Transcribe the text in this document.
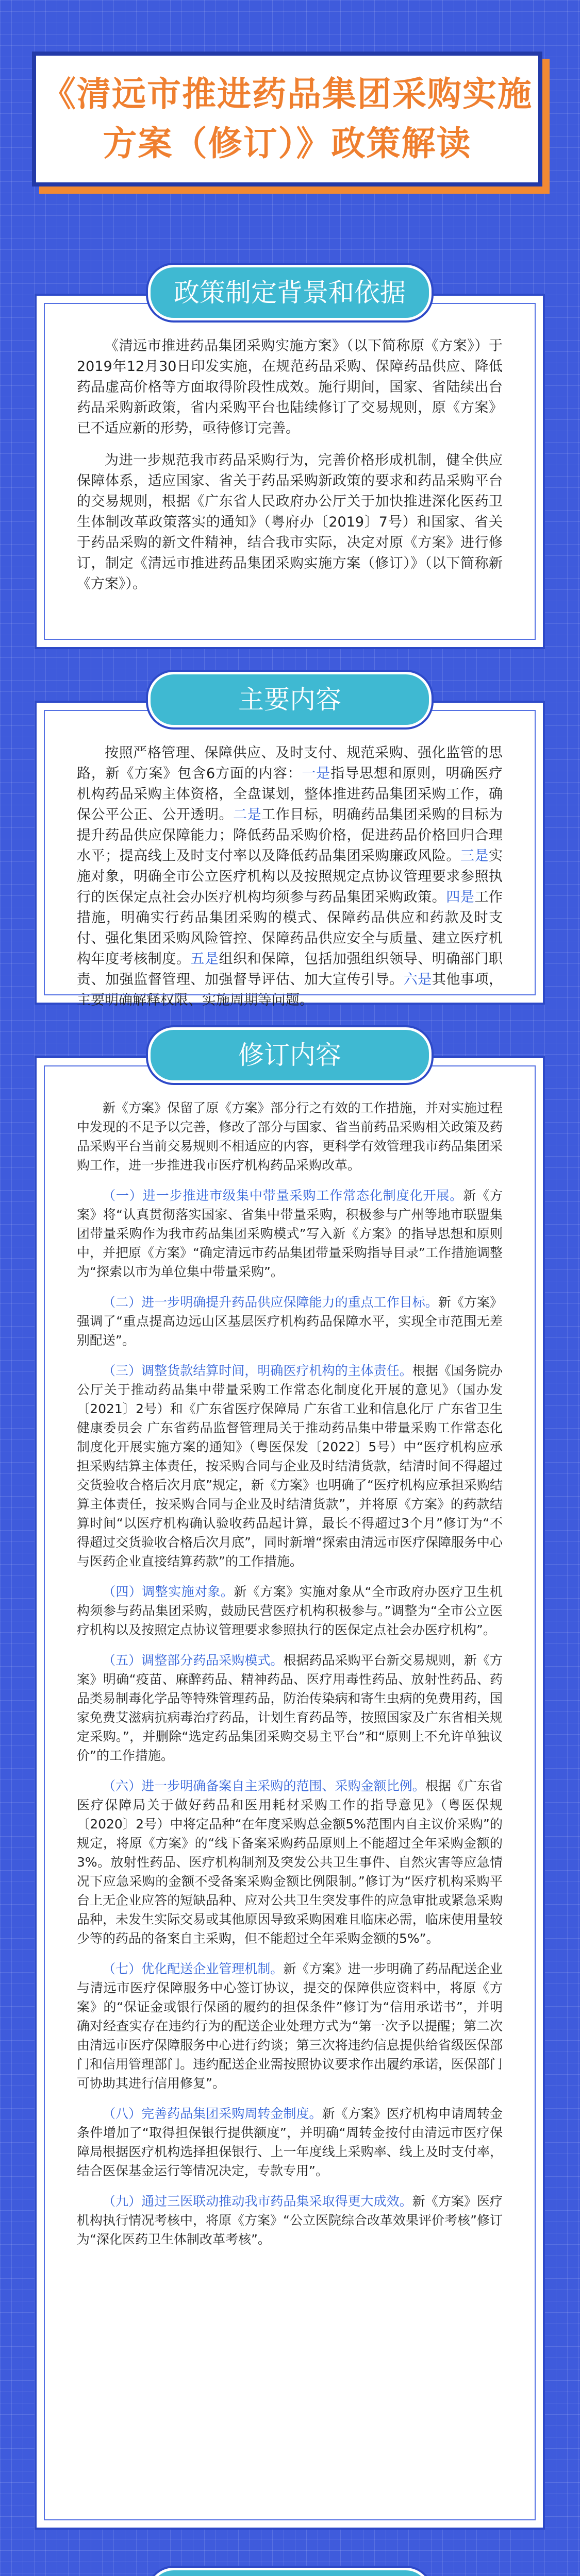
《清远市推进药品集团采购实施
方案（修订）》政策解读
政策制定背景和依据

《清远市推进药品集团采购实施方案》（以下简称原《方案》）于2019年12月30日印发实施，在规范药品采购、保障药品供应、降低药品虚高价格等方面取得阶段性成效。施行期间，国家、省陆续出台药品采购新政策，省内采购平台也陆续修订了交易规则，原《方案》已不适应新的形势，亟待修订完善。

为进一步规范我市药品采购行为，完善价格形成机制，健全供应保障体系，适应国家、省关于药品采购新政策的要求和药品采购平台的交易规则，根据《广东省人民政府办公厅关于加快推进深化医药卫生体制改革政策落实的通知》（粤府办〔2019〕7号）和国家、省关于药品采购的新文件精神，结合我市实际，决定对原《方案》进行修订，制定《清远市推进药品集团采购实施方案（修订）》（以下简称新《方案》）。

主要内容

按照严格管理、保障供应、及时支付、规范采购、强化监管的思路，新《方案》包含6方面的内容：一是指导思想和原则，明确医疗机构药品采购主体资格，全盘谋划，整体推进药品集团采购工作，确保公平公正、公开透明。二是工作目标，明确药品集团采购的目标为提升药品供应保障能力；降低药品采购价格，促进药品价格回归合理水平；提高线上及时支付率以及降低药品集团采购廉政风险。三是实施对象，明确全市公立医疗机构以及按照规定点协议管理要求参照执行的医保定点社会办医疗机构均须参与药品集团采购政策。四是工作措施，明确实行药品集团采购的模式、保障药品供应和药款及时支付、强化集团采购风险管控、保障药品供应安全与质量、建立医疗机构年度考核制度。五是组织和保障，包括加强组织领导、明确部门职责、加强监督管理、加强督导评估、加大宣传引导。六是其他事项，主要明确解释权限、实施周期等问题。

修订内容

新《方案》保留了原《方案》部分行之有效的工作措施，并对实施过程中发现的不足予以完善，修改了部分与国家、省当前药品采购相关政策及药品采购平台当前交易规则不相适应的内容，更科学有效管理我市药品集团采购工作，进一步推进我市医疗机构药品采购改革。

（一）进一步推进市级集中带量采购工作常态化制度化开展。新《方案》将“认真贯彻落实国家、省集中带量采购，积极参与广州等地市联盟集团带量采购作为我市药品集团采购模式”写入新《方案》的指导思想和原则中，并把原《方案》“确定清远市药品集团带量采购指导目录”工作措施调整为“探索以市为单位集中带量采购”。

（二）进一步明确提升药品供应保障能力的重点工作目标。新《方案》强调了“重点提高边远山区基层医疗机构药品保障水平，实现全市范围无差别配送”。

（三）调整货款结算时间，明确医疗机构的主体责任。根据《国务院办公厅关于推动药品集中带量采购工作常态化制度化开展的意见》（国办发〔2021〕2号）和《广东省医疗保障局 广东省工业和信息化厅 广东省卫生健康委员会 广东省药品监督管理局关于推动药品集中带量采购工作常态化制度化开展实施方案的通知》（粤医保发〔2022〕5号）中“医疗机构应承担采购结算主体责任，按采购合同与企业及时结清货款，结清时间不得超过交货验收合格后次月底”规定，新《方案》也明确了“医疗机构应承担采购结算主体责任，按采购合同与企业及时结清货款”，并将原《方案》的药款结算时间“以医疗机构确认验收药品起计算，最长不得超过3个月”修订为“不得超过交货验收合格后次月底”，同时新增“探索由清远市医疗保障服务中心与医药企业直接结算药款”的工作措施。

（四）调整实施对象。新《方案》实施对象从“全市政府办医疗卫生机构须参与药品集团采购，鼓励民营医疗机构积极参与。”调整为“全市公立医疗机构以及按照定点协议管理要求参照执行的医保定点社会办医疗机构”。

（五）调整部分药品采购模式。根据药品采购平台新交易规则，新《方案》明确“疫苗、麻醉药品、精神药品、医疗用毒性药品、放射性药品、药品类易制毒化学品等特殊管理药品，防治传染病和寄生虫病的免费用药，国家免费艾滋病抗病毒治疗药品，计划生育药品等，按照国家及广东省相关规定采购。”，并删除“选定药品集团采购交易主平台”和“原则上不允许单独议价”的工作措施。

（六）进一步明确备案自主采购的范围、采购金额比例。根据《广东省医疗保障局关于做好药品和医用耗材采购工作的指导意见》（粤医保规〔2020〕2号）中将定品种“在年度采购总金额5%范围内自主议价采购”的规定，将原《方案》的“线下备案采购药品原则上不能超过全年采购金额的3%。放射性药品、医疗机构制剂及突发公共卫生事件、自然灾害等应急情况下应急采购的金额不受备案采购金额比例限制。”修订为“医疗机构采购平台上无企业应答的短缺品种、应对公共卫生突发事件的应急审批或紧急采购品种，未发生实际交易或其他原因导致采购困难且临床必需，临床使用量较少等的药品的备案自主采购，但不能超过全年采购金额的5%”。

（七）优化配送企业管理机制。新《方案》进一步明确了药品配送企业与清远市医疗保障服务中心签订协议，提交的保障供应资料中，将原《方案》的“保证金或银行保函的履约的担保条件”修订为“信用承诺书”，并明确对经查实存在违约行为的配送企业处理方式为“第一次予以提醒；第二次由清远市医疗保障服务中心进行约谈；第三次将违约信息提供给省级医保部门和信用管理部门。违约配送企业需按照协议要求作出履约承诺，医保部门可协助其进行信用修复”。

（八）完善药品集团采购周转金制度。新《方案》医疗机构申请周转金条件增加了“取得担保银行提供额度”，并明确“周转金按付由清远市医疗保障局根据医疗机构选择担保银行、上一年度线上采购率、线上及时支付率，结合医保基金运行等情况决定，专款专用”。

（九）通过三医联动推动我市药品集采取得更大成效。新《方案》医疗机构执行情况考核中，将原《方案》“公立医院综合改革效果评价考核”修订为“深化医药卫生体制改革考核”。
